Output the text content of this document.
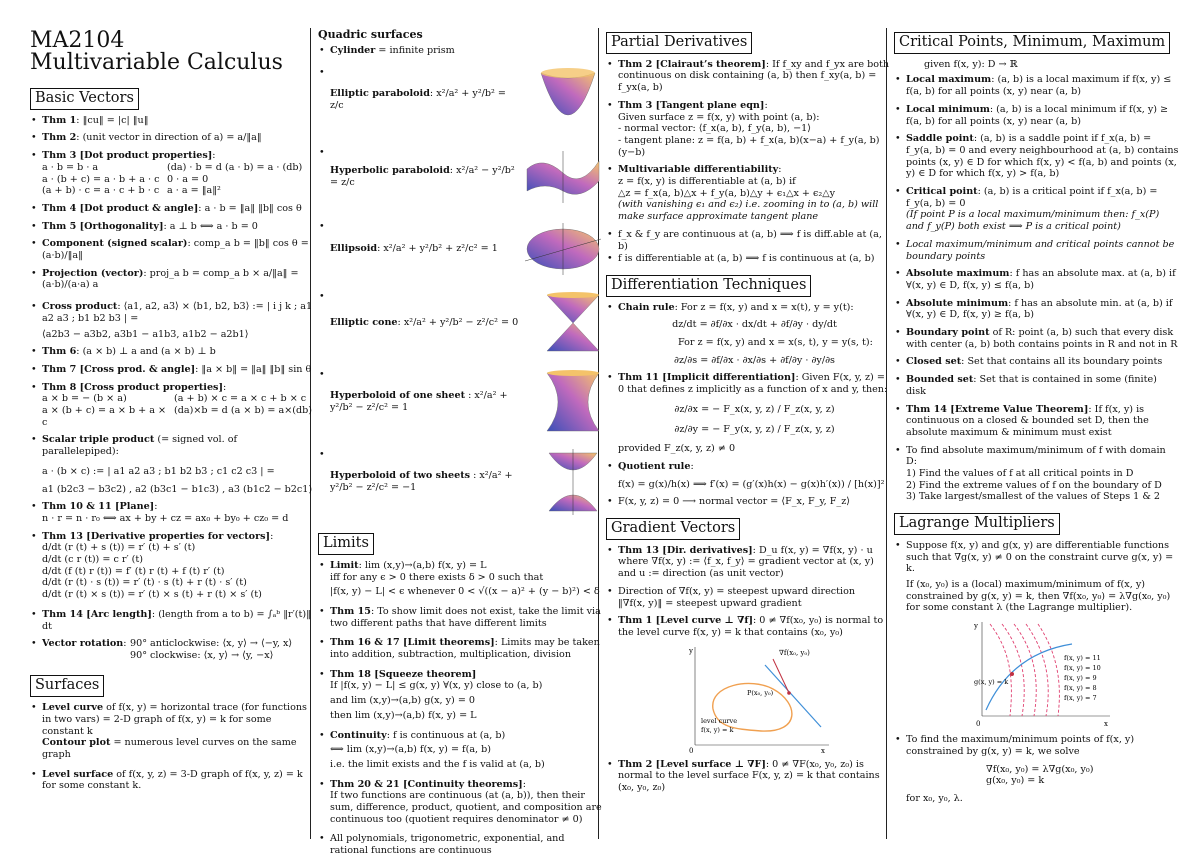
MA2104
Multivariable Calculus
Basic Vectors
• Thm 1: ‖cu‖ = |c| ‖u‖
• Thm 2: (unit vector in direction of a) = a/‖a‖
• Thm 3 [Dot product properties]:
a · b = b · a	(da) · b = d (a · b) = a · (db)
a · (b + c) = a · b + a · c 0 · a = 0
(a + b) · c = a · c + b · c a · a = ‖a‖²
• Thm 4 [Dot product & angle]: a · b = ‖a‖ ‖b‖ cos θ
• Thm 5 [Orthogonality]: a ⊥ b ⟺ a · b = 0
• Component (signed scalar): comp_a b = ‖b‖ cos θ = (a·b)/‖a‖
• Projection (vector): proj_a b = comp_a b × a/‖a‖ = (a·b)/(a·a) a
• Cross product: ⟨a1, a2, a3⟩ × ⟨b1, b2, b3⟩ := | i j k ; a1 a2 a3 ; b1 b2 b3 | =
⟨a2b3 − a3b2, a3b1 − a1b3, a1b2 − a2b1⟩
• Thm 6: (a × b) ⊥ a and (a × b) ⊥ b
• Thm 7 [Cross prod. & angle]: ‖a × b‖ = ‖a‖ ‖b‖ sin θ
• Thm 8 [Cross product properties]:
a × b = − (b × a)	(a + b) × c = a × c + b × c
a × (b + c) = a × b + a × c
(da)×b = d (a × b) = a×(db)
• Scalar triple product (= signed vol. of parallelepiped):
a · (b × c) := | a1 a2 a3 ; b1 b2 b3 ; c1 c2 c3 | =
a1 (b2c3 − b3c2) , a2 (b3c1 − b1c3) , a3 (b1c2 − b2c1)
• Thm 10 & 11 [Plane]:
n · r = n · r₀ ⟺ ax + by + cz = ax₀ + by₀ + cz₀ = d
• Thm 13 [Derivative properties for vectors]:
d/dt (r (t) + s (t)) = r′ (t) + s′ (t)
d/dt (c r (t)) = c r′ (t)
d/dt (f (t) r (t)) = f′ (t) r (t) + f (t) r′ (t)
d/dt (r (t) · s (t)) = r′ (t) · s (t) + r (t) · s′ (t)
d/dt (r (t) × s (t)) = r′ (t) × s (t) + r (t) × s′ (t)
• Thm 14 [Arc length]: (length from a to b) = ∫ₐᵇ ‖r′(t)‖ dt
• Vector rotation: 90° anticlockwise: ⟨x, y⟩ → ⟨−y, x⟩
90° clockwise: ⟨x, y⟩ → ⟨y, −x⟩
Surfaces
• Level curve of f(x, y) = horizontal trace (for functions in two vars) = 2-D graph of f(x, y) = k for some constant k
Contour plot = numerous level curves on the same graph
• Level surface of f(x, y, z) = 3-D graph of f(x, y, z) = k for some constant k.
Quadric surfaces
• Cylinder = infinite prism
• Elliptic paraboloid: x²/a² + y²/b² = z/c
• Hyperbolic paraboloid: x²/a² − y²/b² = z/c
• Ellipsoid: x²/a² + y²/b² + z²/c² = 1
• Elliptic cone: x²/a² + y²/b² − z²/c² = 0
• Hyperboloid of one sheet : x²/a² + y²/b² − z²/c² = 1
• Hyperboloid of two sheets : x²/a² + y²/b² − z²/c² = −1
Limits
• Limit: lim (x,y)→(a,b) f(x, y) = L
iff for any ϵ > 0 there exists δ > 0 such that
|f(x, y) − L| < ϵ whenever 0 < √((x − a)² + (y − b)²) < δ
• Thm 15: To show limit does not exist, take the limit via two different paths that have different limits
• Thm 16 & 17 [Limit theorems]: Limits may be taken into addition, subtraction, multiplication, division
• Thm 18 [Squeeze theorem]
If |f(x, y) − L| ≤ g(x, y) ∀(x, y) close to (a, b)
and lim (x,y)→(a,b) g(x, y) = 0
then lim (x,y)→(a,b) f(x, y) = L
• Continuity: f is continuous at (a, b)
⟺ lim (x,y)→(a,b) f(x, y) = f(a, b)
i.e. the limit exists and the f is valid at (a, b)
• Thm 20 & 21 [Continuity theorems]:
If two functions are continuous (at (a, b)), then their sum, difference, product, quotient, and composition are continuous too (quotient requires denominator ≠ 0)
• All polynomials, trigonometric, exponential, and rational functions are continuous
Partial Derivatives
• Thm 2 [Clairaut’s theorem]: If f_xy and f_yx are both continuous on disk containing (a, b) then f_xy(a, b) = f_yx(a, b)
• Thm 3 [Tangent plane eqn]:
Given surface z = f(x, y) with point (a, b):
- normal vector: ⟨f_x(a, b), f_y(a, b), −1⟩
- tangent plane: z = f(a, b) + f_x(a, b)(x−a) + f_y(a, b)(y−b)
• Multivariable differentiability:
z = f(x, y) is differentiable at (a, b) if
△z = f_x(a, b)△x + f_y(a, b)△y + ϵ₁△x + ϵ₂△y
(with vanishing ϵ₁ and ϵ₂) i.e. zooming in to (a, b) will make surface approximate tangent plane
• f_x & f_y are continuous at (a, b) ⟹ f is diff.able at (a, b)
• f is differentiable at (a, b) ⟹ f is continuous at (a, b)
Differentiation Techniques
• Chain rule: For z = f(x, y) and x = x(t), y = y(t):
dz/dt = ∂f/∂x · dx/dt + ∂f/∂y · dy/dt
For z = f(x, y) and x = x(s, t), y = y(s, t):
∂z/∂s = ∂f/∂x · ∂x/∂s + ∂f/∂y · ∂y/∂s
• Thm 11 [Implicit differentiation]: Given F(x, y, z) = 0 that defines z implicitly as a function of x and y, then:
∂z/∂x = − F_x(x, y, z) / F_z(x, y, z)
∂z/∂y = − F_y(x, y, z) / F_z(x, y, z)
provided F_z(x, y, z) ≠ 0
• Quotient rule:
f(x) = g(x)/h(x) ⟹ f′(x) = (g′(x)h(x) − g(x)h′(x)) / [h(x)]²
• F(x, y, z) = 0 ⟶ normal vector = ⟨F_x, F_y, F_z⟩
Gradient Vectors
• Thm 13 [Dir. derivatives]: D_u f(x, y) = ∇f(x, y) · u
where ∇f(x, y) := ⟨f_x, f_y⟩ = gradient vector at (x, y)
and u := direction (as unit vector)
• Direction of ∇f(x, y) = steepest upward direction
‖∇f(x, y)‖ = steepest upward gradient
• Thm 1 [Level curve ⊥ ∇f]: 0 ≠ ∇f(x₀, y₀) is normal to the level curve f(x, y) = k that contains (x₀, y₀)
∇f(x₀, y₀)
P(x₀, y₀)
level curve
f(x, y) = k
x
y
0
• Thm 2 [Level surface ⊥ ∇F]: 0 ≠ ∇F(x₀, y₀, z₀) is normal to the level surface F(x, y, z) = k that contains (x₀, y₀, z₀)
Critical Points, Minimum, Maximum
given f(x, y): D → ℝ
• Local maximum: (a, b) is a local maximum if f(x, y) ≤ f(a, b) for all points (x, y) near (a, b)
• Local minimum: (a, b) is a local minimum if f(x, y) ≥ f(a, b) for all points (x, y) near (a, b)
• Saddle point: (a, b) is a saddle point if f_x(a, b) = f_y(a, b) = 0 and every neighbourhood at (a, b) contains points (x, y) ∈ D for which f(x, y) < f(a, b) and points (x, y) ∈ D for which f(x, y) > f(a, b)
• Critical point: (a, b) is a critical point if f_x(a, b) = f_y(a, b) = 0
(If point P is a local maximum/minimum then: f_x(P) and f_y(P) both exist ⟹ P is a critical point)
• Local maximum/minimum and critical points cannot be boundary points
• Absolute maximum: f has an absolute max. at (a, b) if ∀(x, y) ∈ D, f(x, y) ≤ f(a, b)
• Absolute minimum: f has an absolute min. at (a, b) if ∀(x, y) ∈ D, f(x, y) ≥ f(a, b)
• Boundary point of R: point (a, b) such that every disk with center (a, b) both contains points in R and not in R
• Closed set: Set that contains all its boundary points
• Bounded set: Set that is contained in some (finite) disk
• Thm 14 [Extreme Value Theorem]: If f(x, y) is continuous on a closed & bounded set D, then the absolute maximum & minimum must exist
• To find absolute maximum/minimum of f with domain D:
1) Find the values of f at all critical points in D
2) Find the extreme values of f on the boundary of D
3) Take largest/smallest of the values of Steps 1 & 2
Lagrange Multipliers
• Suppose f(x, y) and g(x, y) are differentiable functions such that ∇g(x, y) ≠ 0 on the constraint curve g(x, y) = k.
If (x₀, y₀) is a (local) maximum/minimum of f(x, y) constrained by g(x, y) = k, then ∇f(x₀, y₀) = λ∇g(x₀, y₀) for some constant λ (the Lagrange multiplier).
f(x, y) = 11
f(x, y) = 10
f(x, y) = 9
f(x, y) = 8
f(x, y) = 7
g(x, y) = k
x
y
0
• To find the maximum/minimum points of f(x, y) constrained by g(x, y) = k, we solve
∇f(x₀, y₀) = λ∇g(x₀, y₀)
g(x₀, y₀) = k
for x₀, y₀, λ.
